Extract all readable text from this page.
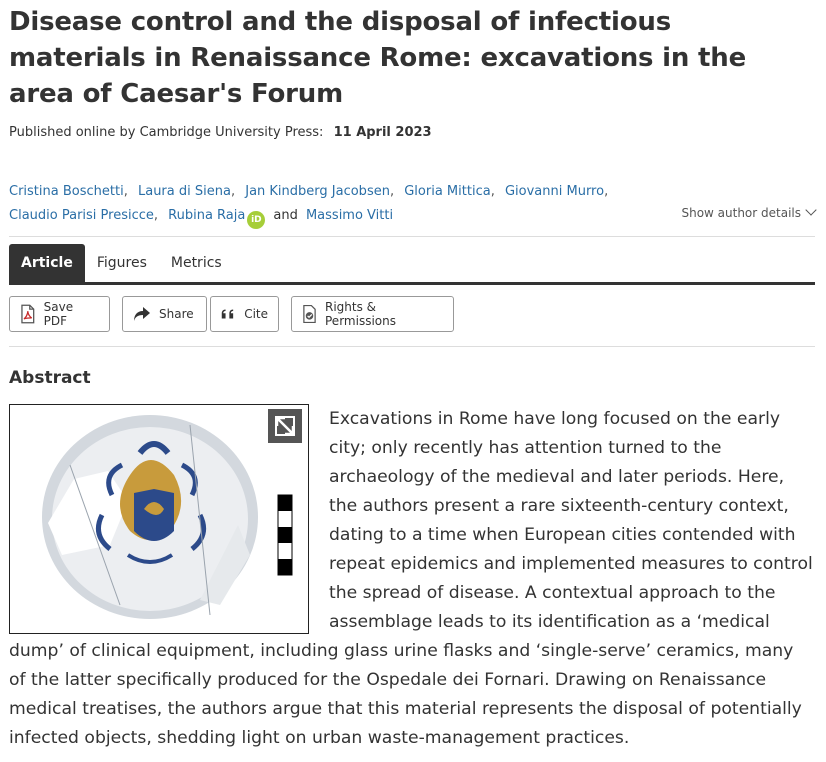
Disease control and the disposal of infectious materials in Renaissance Rome: excavations in the area of Caesar's Forum
Published online by Cambridge University Press: 11 April 2023
Cristina Boschetti, Laura di Siena, Jan Kindberg Jacobsen, Gloria Mittica, Giovanni Murro,
Claudio Parisi Presicce, Rubina Raja iD and Massimo Vitti	Show author details
Article	Figures	Metrics
Save PDF	Share	Cite	Rights & Permissions
Abstract
Excavations in Rome have long focused on the early city; only recently has attention turned to the archaeology of the medieval and later periods. Here, the authors present a rare sixteenth-century context, dating to a time when European cities contended with repeat epidemics and implemented measures to control the spread of disease. A contextual approach to the assemblage leads to its identification as a ‘medical dump’ of clinical equipment, including glass urine flasks and ‘single-serve’ ceramics, many of the latter specifically produced for the Ospedale dei Fornari. Drawing on Renaissance medical treatises, the authors argue that this material represents the disposal of potentially infected objects, shedding light on urban waste-management practices.
